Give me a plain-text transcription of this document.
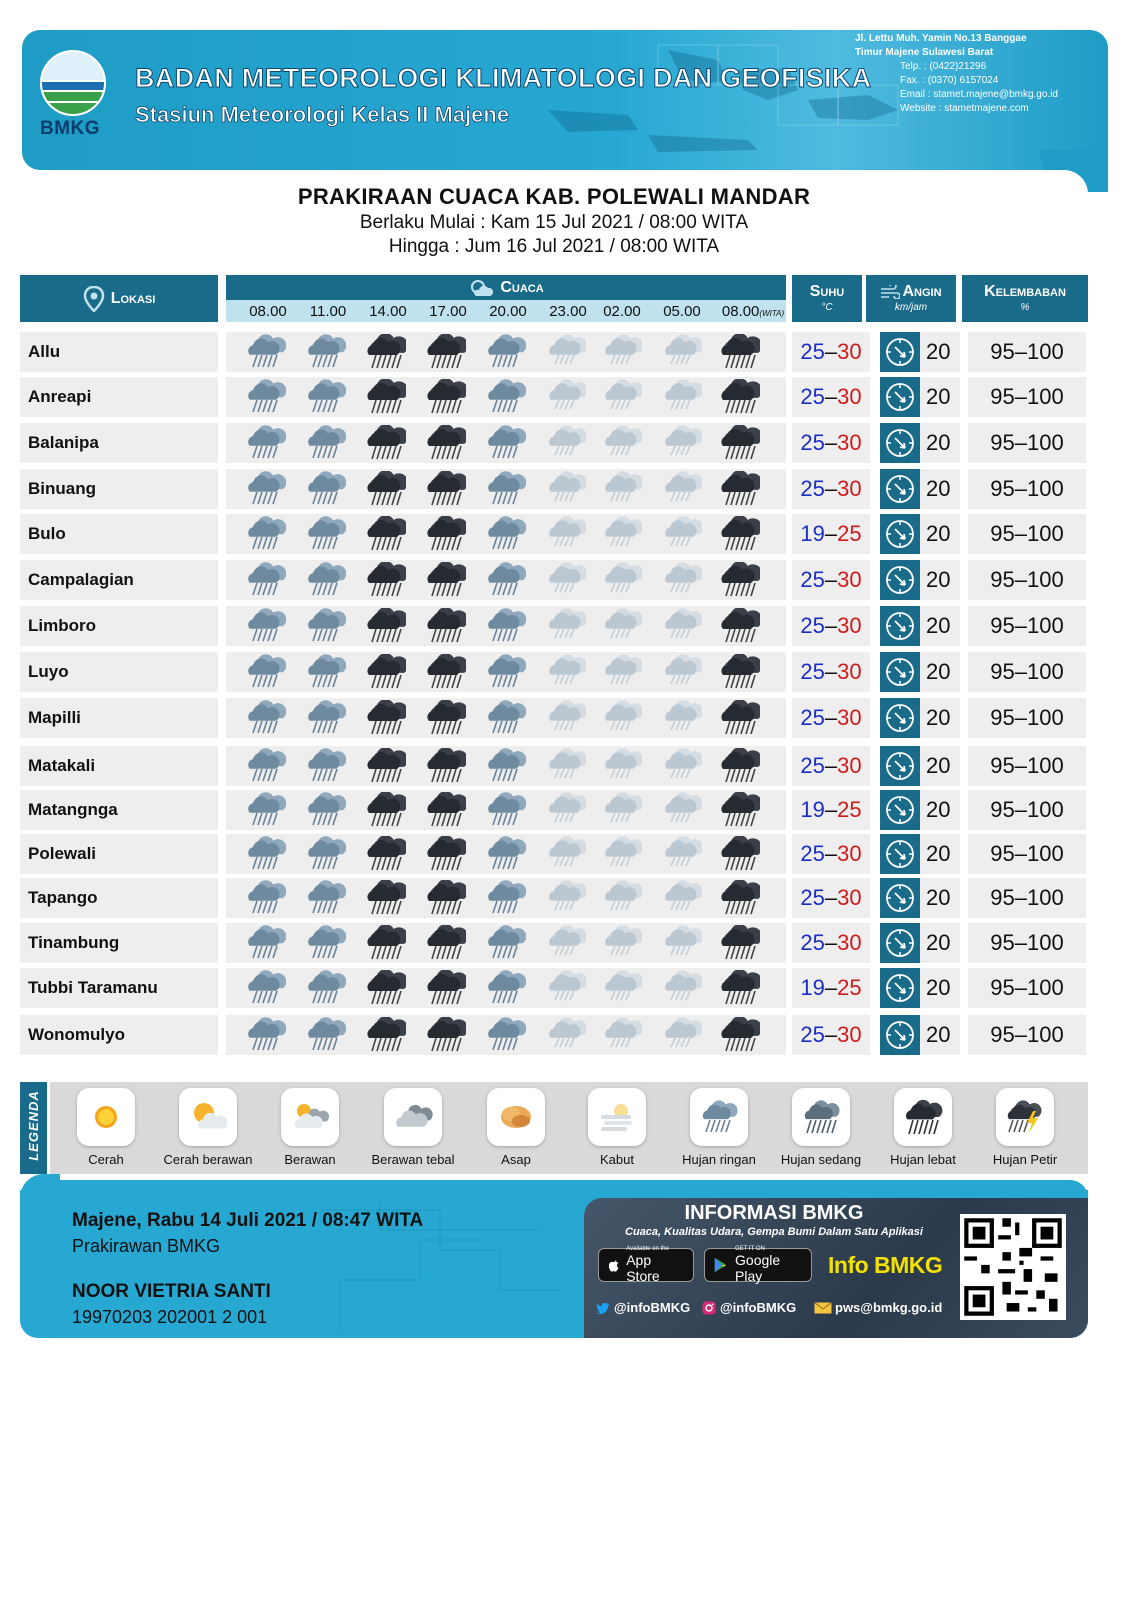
BMKG
BADAN METEOROLOGI KLIMATOLOGI DAN GEOFISIKA
Stasiun Meteorologi Kelas II Majene
Jl. Lettu Muh. Yamin No.13 Banggae
Timur Majene Sulawesi Barat
Telp. : (0422)21296
Fax. : (0370) 6157024
Email : stamet.majene@bmkg.go.id
Website : stametmajene.com
PRAKIRAAN CUACA KAB. POLEWALI MANDAR
Berlaku Mulai : Kam 15 Jul 2021 / 08:00 WITA
Hingga : Jum 16 Jul 2021 / 08:00 WITA
Lokasi
Cuaca
08.00	11.00	14.00	17.00	20.00	23.00	02.00	05.00	08.00(WITA)
Suhu
°C
Angin
km/jam
Kelembaban
%
Allu	25 – 30	20	95–100
Anreapi	25 – 30	20	95–100
Balanipa	25 – 30	20	95–100
Binuang	25 – 30	20	95–100
Bulo	19 – 25	20	95–100
Campalagian	25 – 30	20	95–100
Limboro	25 – 30	20	95–100
Luyo	25 – 30	20	95–100
Mapilli	25 – 30	20	95–100
Matakali	25 – 30	20	95–100
Matangnga	19 – 25	20	95–100
Polewali	25 – 30	20	95–100
Tapango	25 – 30	20	95–100
Tinambung	25 – 30	20	95–100
Tubbi Taramanu	19 – 25	20	95–100
Wonomulyo	25 – 30	20	95–100
LEGENDA	Cerah	Cerah berawan	Berawan	Berawan tebal	Asap	Kabut	Hujan ringan	Hujan sedang	Hujan lebat	Hujan Petir
Majene, Rabu 14 Juli 2021 / 08:47 WITA
Prakirawan BMKG
NOOR VIETRIA SANTI
19970203 202001 2 001
INFORMASI BMKG
Cuaca, Kualitas Udara, Gempa Bumi Dalam Satu Aplikasi
Available on the
App Store
GET IT ON
Google Play	Info BMKG
@infoBMKG @infoBMKG	pws@bmkg.go.id
